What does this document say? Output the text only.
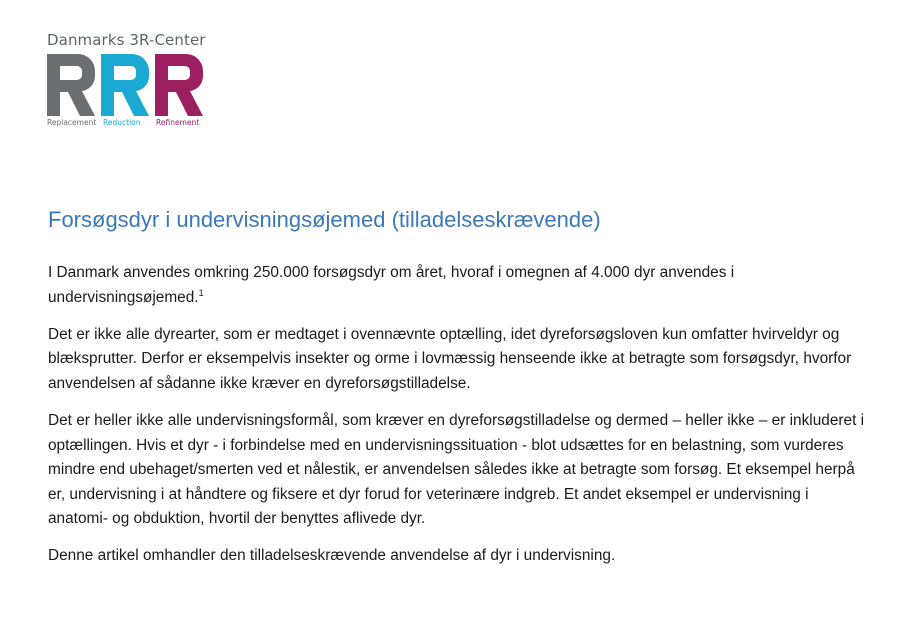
Danmarks 3R-Center
Replacement Reduction Refinement
Forsøgsdyr i undervisningsøjemed (tilladelseskrævende)

I Danmark anvendes omkring 250.000 forsøgsdyr om året, hvoraf i omegnen af 4.000 dyr anvendes i undervisningsøjemed.$^1$

Det er ikke alle dyrearter, som er medtaget i ovennævnte optælling, idet dyreforsøgsloven kun omfatter hvirveldyr og blæksprutter. Derfor er eksempelvis insekter og orme i lovmæssig henseende ikke at betragte som forsøgsdyr, hvorfor anvendelsen af sådanne ikke kræver en dyreforsøgstilladelse.

Det er heller ikke alle undervisningsformål, som kræver en dyreforsøgstilladelse og dermed – heller ikke – er inkluderet i optællingen. Hvis et dyr - i forbindelse med en undervisningssituation - blot udsættes for en belastning, som vurderes mindre end ubehaget/smerten ved et nålestik, er anvendelsen således ikke at betragte som forsøg. Et eksempel herpå er, undervisning i at håndtere og fiksere et dyr forud for veterinære indgreb. Et andet eksempel er undervisning i anatomi- og obduktion, hvortil der benyttes aflivede dyr.

Denne artikel omhandler den tilladelseskrævende anvendelse af dyr i undervisning.
